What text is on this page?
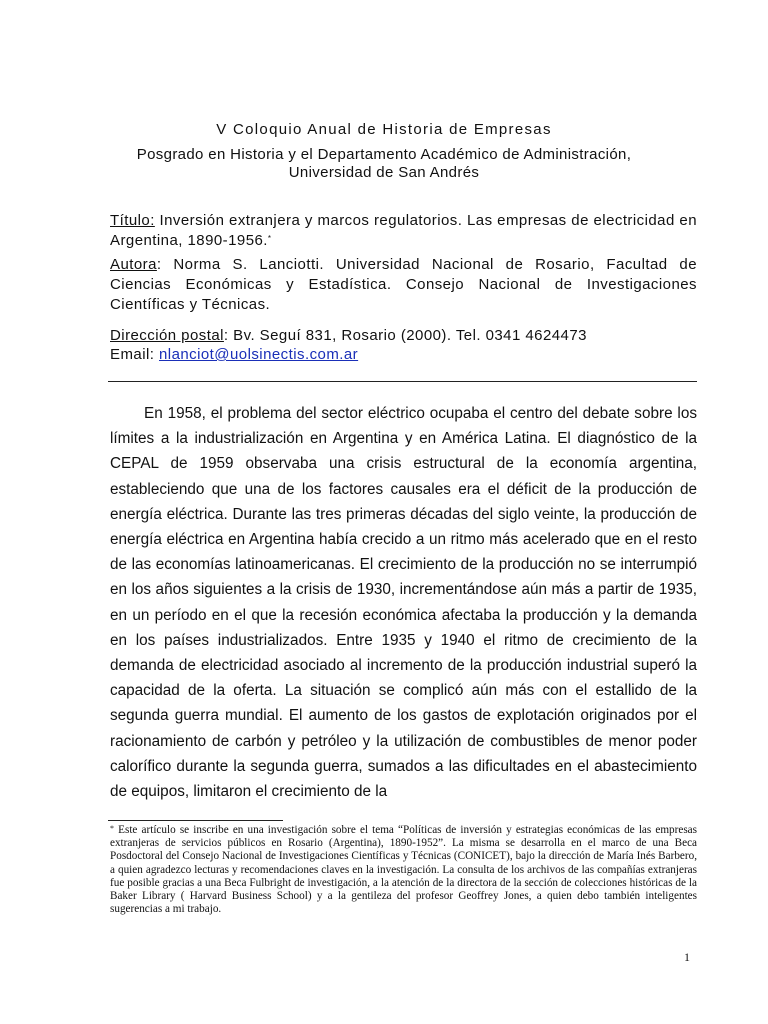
V Coloquio Anual de Historia de Empresas
Posgrado en Historia y el Departamento Académico de Administración,
Universidad de San Andrés
Título: Inversión extranjera y marcos regulatorios. Las empresas de electricidad en Argentina, 1890-1956.*
Autora: Norma S. Lanciotti. Universidad Nacional de Rosario, Facultad de Ciencias Económicas y Estadística. Consejo Nacional de Investigaciones Científicas y Técnicas.
Dirección postal: Bv. Seguí 831, Rosario (2000). Tel. 0341 4624473
Email: nlanciot@uolsinectis.com.ar

En 1958, el problema del sector eléctrico ocupaba el centro del debate sobre los límites a la industrialización en Argentina y en América Latina. El diagnóstico de la CEPAL de 1959 observaba una crisis estructural de la economía argentina, estableciendo que una de los factores causales era el déficit de la producción de energía eléctrica. Durante las tres primeras décadas del siglo veinte, la producción de energía eléctrica en Argentina había crecido a un ritmo más acelerado que en el resto de las economías latinoamericanas. El crecimiento de la producción no se interrumpió en los años siguientes a la crisis de 1930, incrementándose aún más a partir de 1935, en un período en el que la recesión económica afectaba la producción y la demanda en los países industrializados. Entre 1935 y 1940 el ritmo de crecimiento de la demanda de electricidad asociado al incremento de la producción industrial superó la capacidad de la oferta. La situación se complicó aún más con el estallido de la segunda guerra mundial. El aumento de los gastos de explotación originados por el racionamiento de carbón y petróleo y la utilización de combustibles de menor poder calorífico durante la segunda guerra, sumados a las dificultades en el abastecimiento de equipos, limitaron el crecimiento de la

* Este artículo se inscribe en una investigación sobre el tema “Políticas de inversión y estrategias económicas de las empresas extranjeras de servicios públicos en Rosario (Argentina), 1890-1952”. La misma se desarrolla en el marco de una Beca Posdoctoral del Consejo Nacional de Investigaciones Científicas y Técnicas (CONICET), bajo la dirección de María Inés Barbero, a quien agradezco lecturas y recomendaciones claves en la investigación. La consulta de los archivos de las compañías extranjeras fue posible gracias a una Beca Fulbright de investigación, a la atención de la directora de la sección de colecciones históricas de la Baker Library ( Harvard Business School) y a la gentileza del profesor Geoffrey Jones, a quien debo también inteligentes sugerencias a mi trabajo.

1
